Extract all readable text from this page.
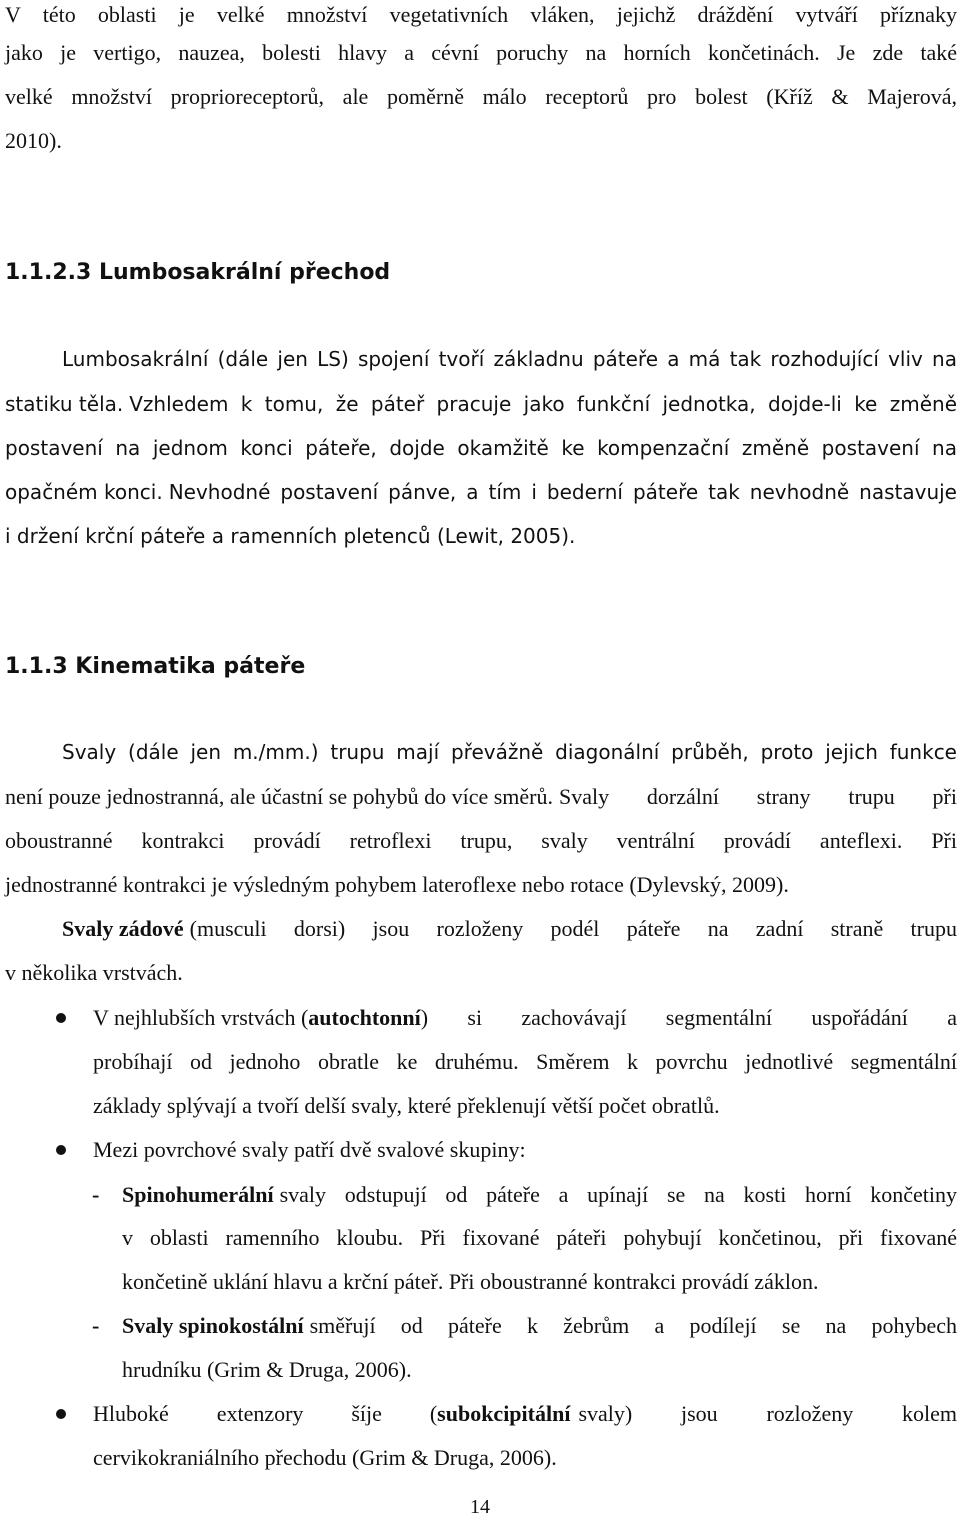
V této oblasti je velké množství vegetativních vláken, jejichž dráždění vytváří příznaky
jako je vertigo, nauzea, bolesti hlavy a cévní poruchy na horních končetinách. Je zde také
velké množství proprioreceptorů, ale poměrně málo receptorů pro bolest (Kříž & Majerová,
2010).
1.1.2.3 Lumbosakrální přechod
Lumbosakrální (dále jen LS) spojení tvoří základnu páteře a má tak rozhodující vliv na
statiku těla. Vzhledem k tomu, že páteř pracuje jako funkční jednotka, dojde-li ke změně
postavení na jednom konci páteře, dojde okamžitě ke kompenzační změně postavení na
opačném konci. Nevhodné postavení pánve, a tím i bederní páteře tak nevhodně nastavuje
i držení krční páteře a ramenních pletenců (Lewit, 2005).
1.1.3 Kinematika páteře
Svaly (dále jen m./mm.) trupu mají převážně diagonální průběh, proto jejich funkce
není pouze jednostranná, ale účastní se pohybů do více směrů. Svaly dorzální strany trupu při
oboustranné kontrakci provádí retroflexi trupu, svaly ventrální provádí anteflexi. Při
jednostranné kontrakci je výsledným pohybem lateroflexe nebo rotace (Dylevský, 2009).
Svaly zádové (musculi dorsi) jsou rozloženy podél páteře na zadní straně trupu
v několika vrstvách.
V nejhlubších vrstvách ( autochtonní ) si zachovávají segmentální uspořádání a
probíhají od jednoho obratle ke druhému. Směrem k povrchu jednotlivé segmentální
základy splývají a tvoří delší svaly, které překlenují větší počet obratlů.
Mezi povrchové svaly patří dvě svalové skupiny:
- Spinohumerální svaly odstupují od páteře a upínají se na kosti horní končetiny
v oblasti ramenního kloubu. Při fixované páteři pohybují končetinou, při fixované
končetině uklání hlavu a krční páteř. Při oboustranné kontrakci provádí záklon.
- Svaly spinokostální směřují od páteře k žebrům a podílejí se na pohybech
hrudníku (Grim & Druga, 2006).
Hluboké extenzory šíje ( subokcipitální svaly) jsou rozloženy kolem
cervikokraniálního přechodu (Grim & Druga, 2006).
14
